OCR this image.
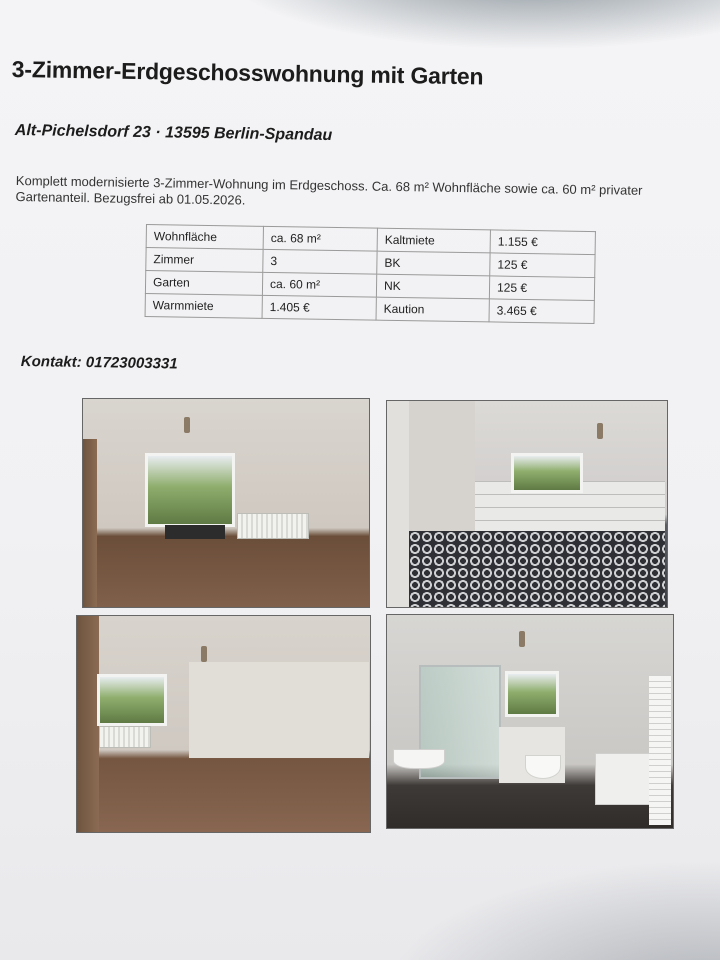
3-Zimmer-Erdgeschosswohnung mit Garten
Alt-Pichelsdorf 23 · 13595 Berlin-Spandau
Komplett modernisierte 3-Zimmer-Wohnung im Erdgeschoss. Ca. 68 m² Wohnfläche sowie ca. 60 m² privater Gartenanteil. Bezugsfrei ab 01.05.2026.
Wohnfläche	ca. 68 m²	Kaltmiete	1.155 €
Zimmer	3	BK	125 €
Garten	ca. 60 m²	NK	125 €
Warmmiete	1.405 €	Kaution	3.465 €
Kontakt: 01723003331
